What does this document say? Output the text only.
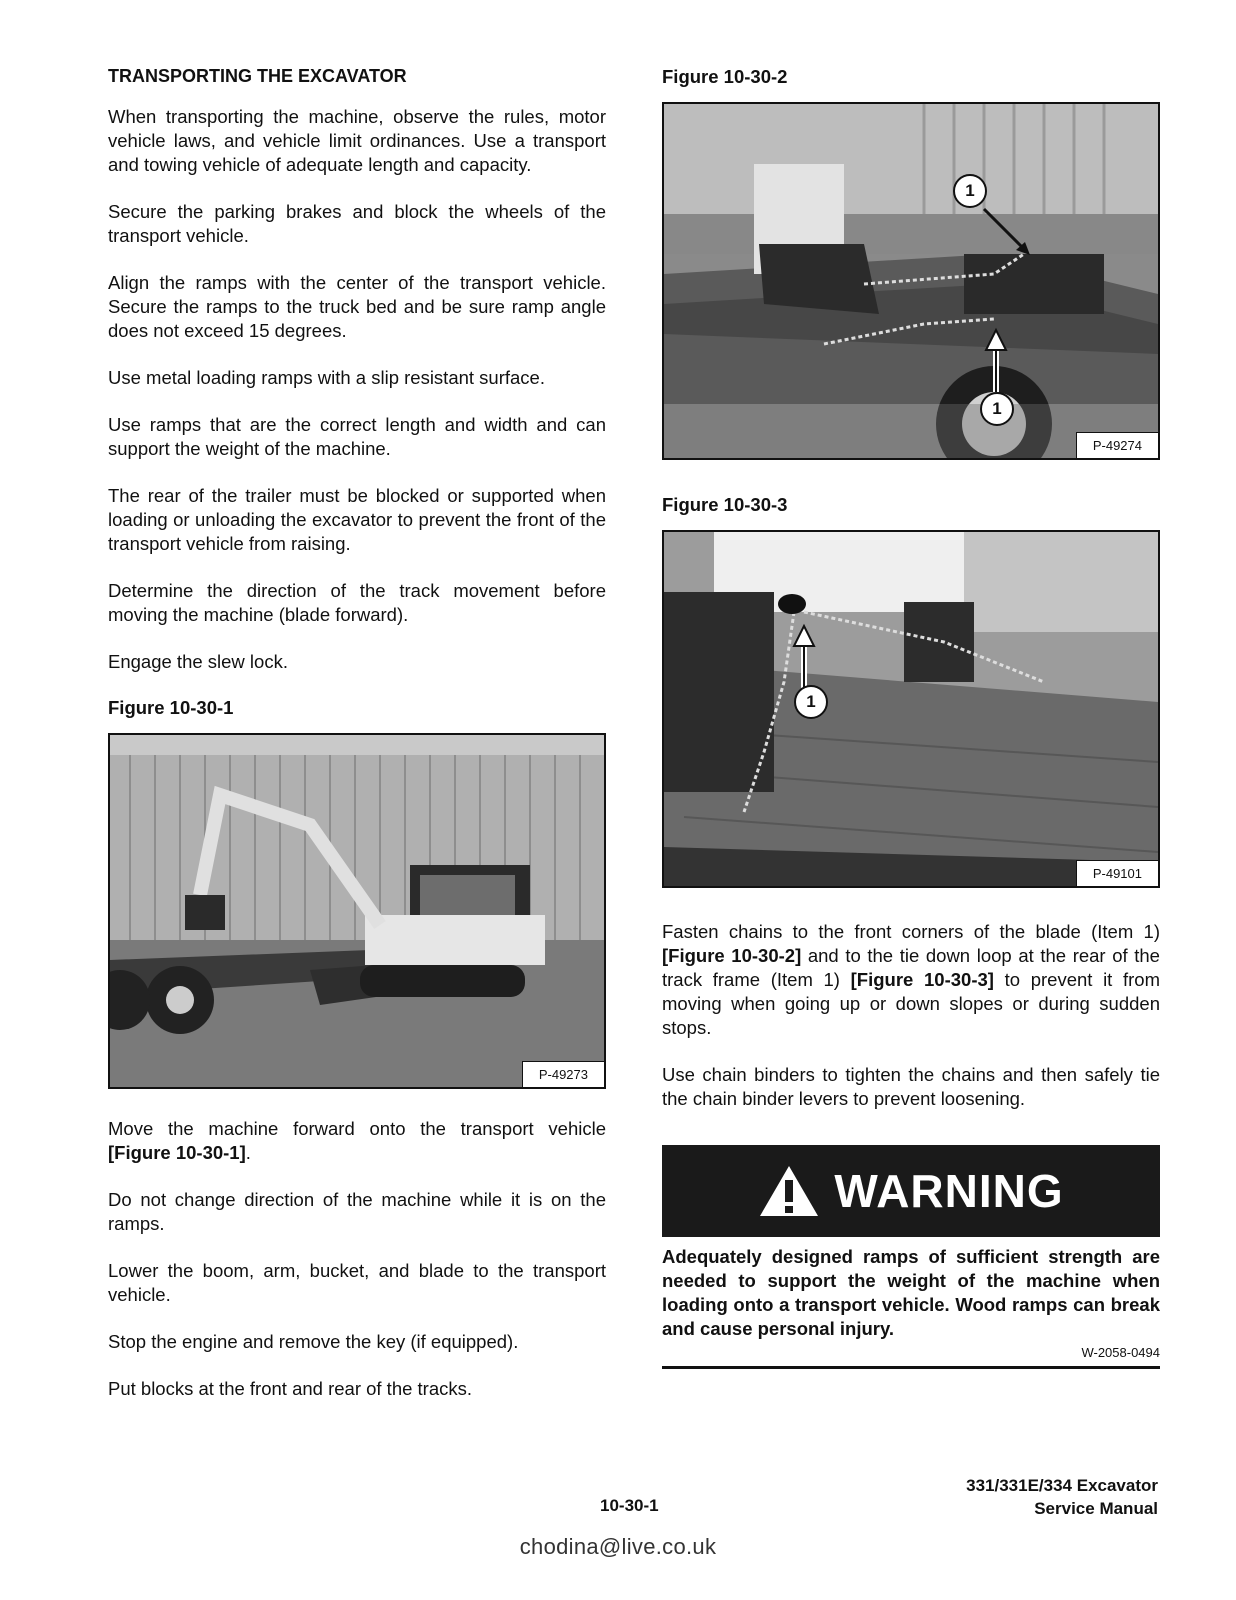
TRANSPORTING THE EXCAVATOR

When transporting the machine, observe the rules, motor vehicle laws, and vehicle limit ordinances. Use a transport and towing vehicle of adequate length and capacity.

Secure the parking brakes and block the wheels of the transport vehicle.

Align the ramps with the center of the transport vehicle. Secure the ramps to the truck bed and be sure ramp angle does not exceed 15 degrees.

Use metal loading ramps with a slip resistant surface.

Use ramps that are the correct length and width and can support the weight of the machine.

The rear of the trailer must be blocked or supported when loading or unloading the excavator to prevent the front of the transport vehicle from raising.

Determine the direction of the track movement before moving the machine (blade forward).

Engage the slew lock.

Figure 10-30-1
P-49273

Move the machine forward onto the transport vehicle [Figure 10-30-1].

Do not change direction of the machine while it is on the ramps.

Lower the boom, arm, bucket, and blade to the transport vehicle.

Stop the engine and remove the key (if equipped).

Put blocks at the front and rear of the tracks.

Figure 10-30-2
1
1
P-49274
Figure 10-30-3
1
P-49101

Fasten chains to the front corners of the blade (Item 1) [Figure 10-30-2] and to the tie down loop at the rear of the track frame (Item 1) [Figure 10-30-3] to prevent it from moving when going up or down slopes or during sudden stops.

Use chain binders to tighten the chains and then safely tie the chain binder levers to prevent loosening.

WARNING

Adequately designed ramps of sufficient strength are needed to support the weight of the machine when loading onto a transport vehicle. Wood ramps can break and cause personal injury.

W-2058-0494
10-30-1
331/331E/334 Excavator
Service Manual
chodina@live.co.uk
